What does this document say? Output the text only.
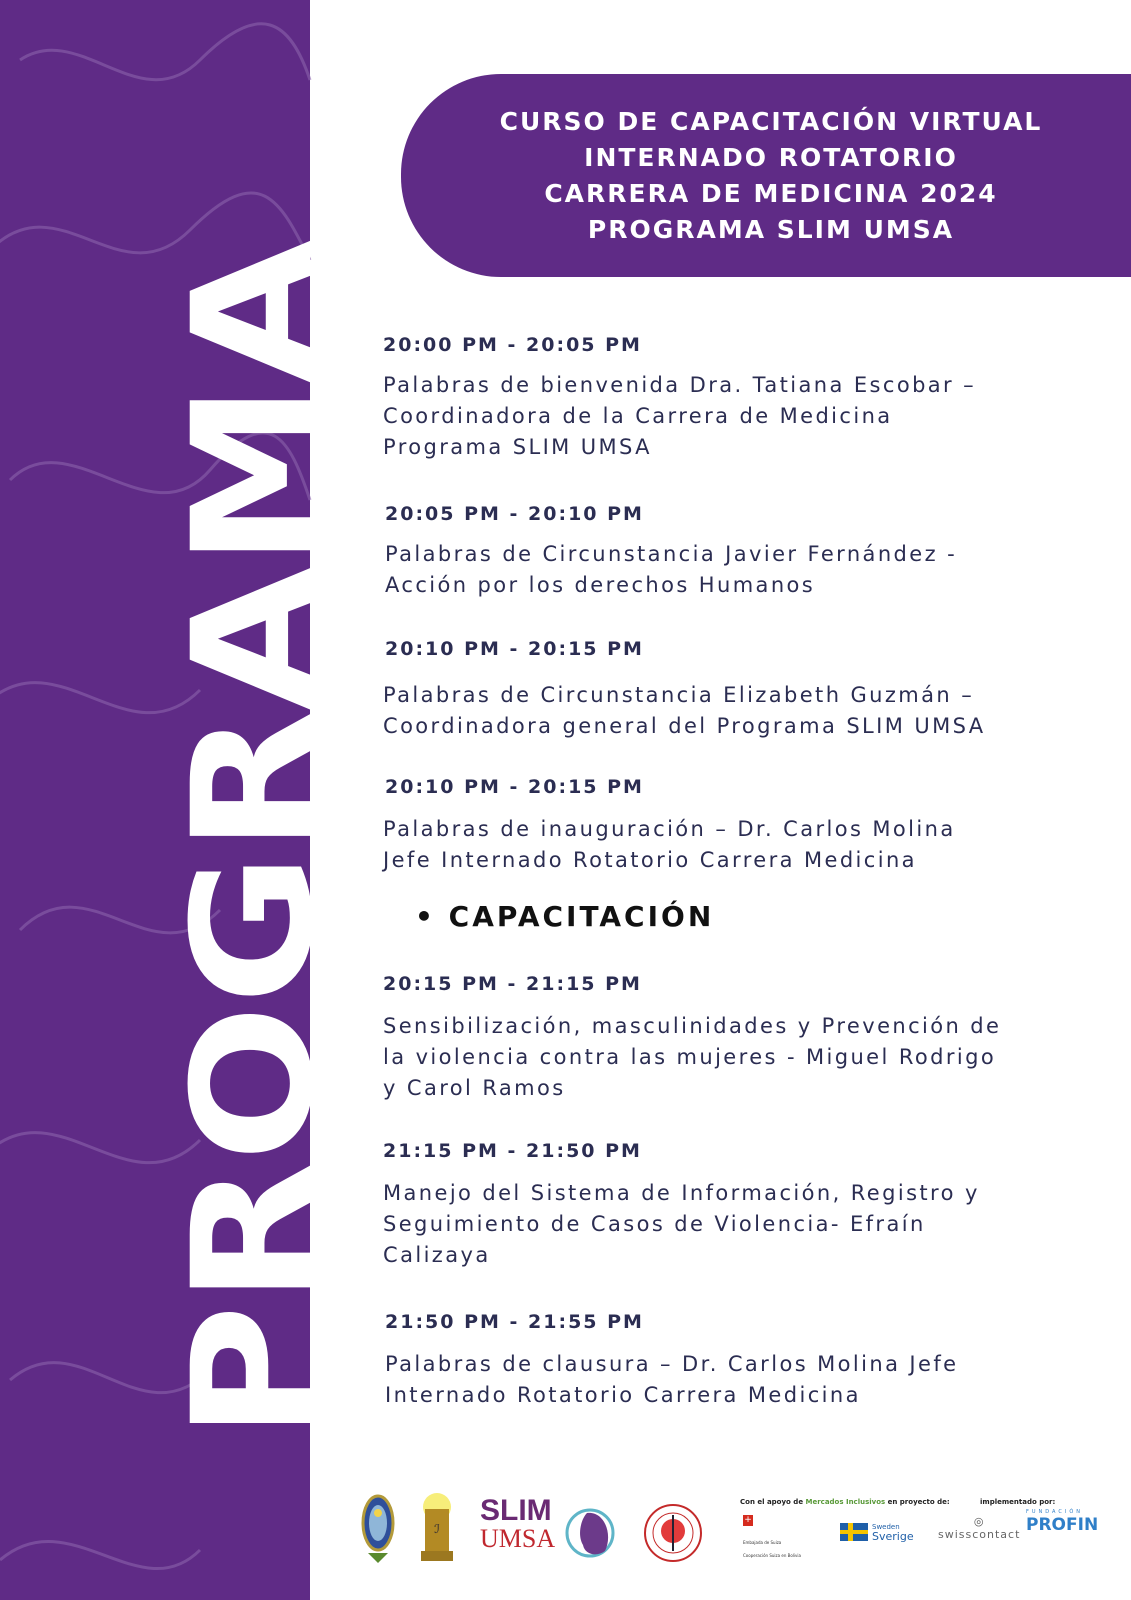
PROGRAMA
CURSO DE CAPACITACIÓN VIRTUAL
INTERNADO ROTATORIO
CARRERA DE MEDICINA 2024
PROGRAMA SLIM UMSA
20:00 PM - 20:05 PM
Palabras de bienvenida Dra. Tatiana Escobar –
Coordinadora de la Carrera de Medicina
Programa SLIM UMSA
20:05 PM - 20:10 PM
Palabras de Circunstancia Javier Fernández -
Acción por los derechos Humanos
20:10 PM - 20:15 PM
Palabras de Circunstancia Elizabeth Guzmán –
Coordinadora general del Programa SLIM UMSA
20:10 PM - 20:15 PM
Palabras de inauguración – Dr. Carlos Molina
Jefe Internado Rotatorio Carrera Medicina
• CAPACITACIÓN
20:15 PM - 21:15 PM
Sensibilización, masculinidades y Prevención de
la violencia contra las mujeres - Miguel Rodrigo
y Carol Ramos
21:15 PM - 21:50 PM
Manejo del Sistema de Información, Registro y
Seguimiento de Casos de Violencia- Efraín
Calizaya
21:50 PM - 21:55 PM
Palabras de clausura – Dr. Carlos Molina Jefe
Internado Rotatorio Carrera Medicina
ℐ
SLIM
UMSA
Con el apoyo de Mercados Inclusivos en proyecto de:
+
Embajada de Suiza
Cooperación Suiza en Bolivia
Sweden
Sverige
implementado por:
◎
swisscontact
FUNDACIÓN
PROFIN
